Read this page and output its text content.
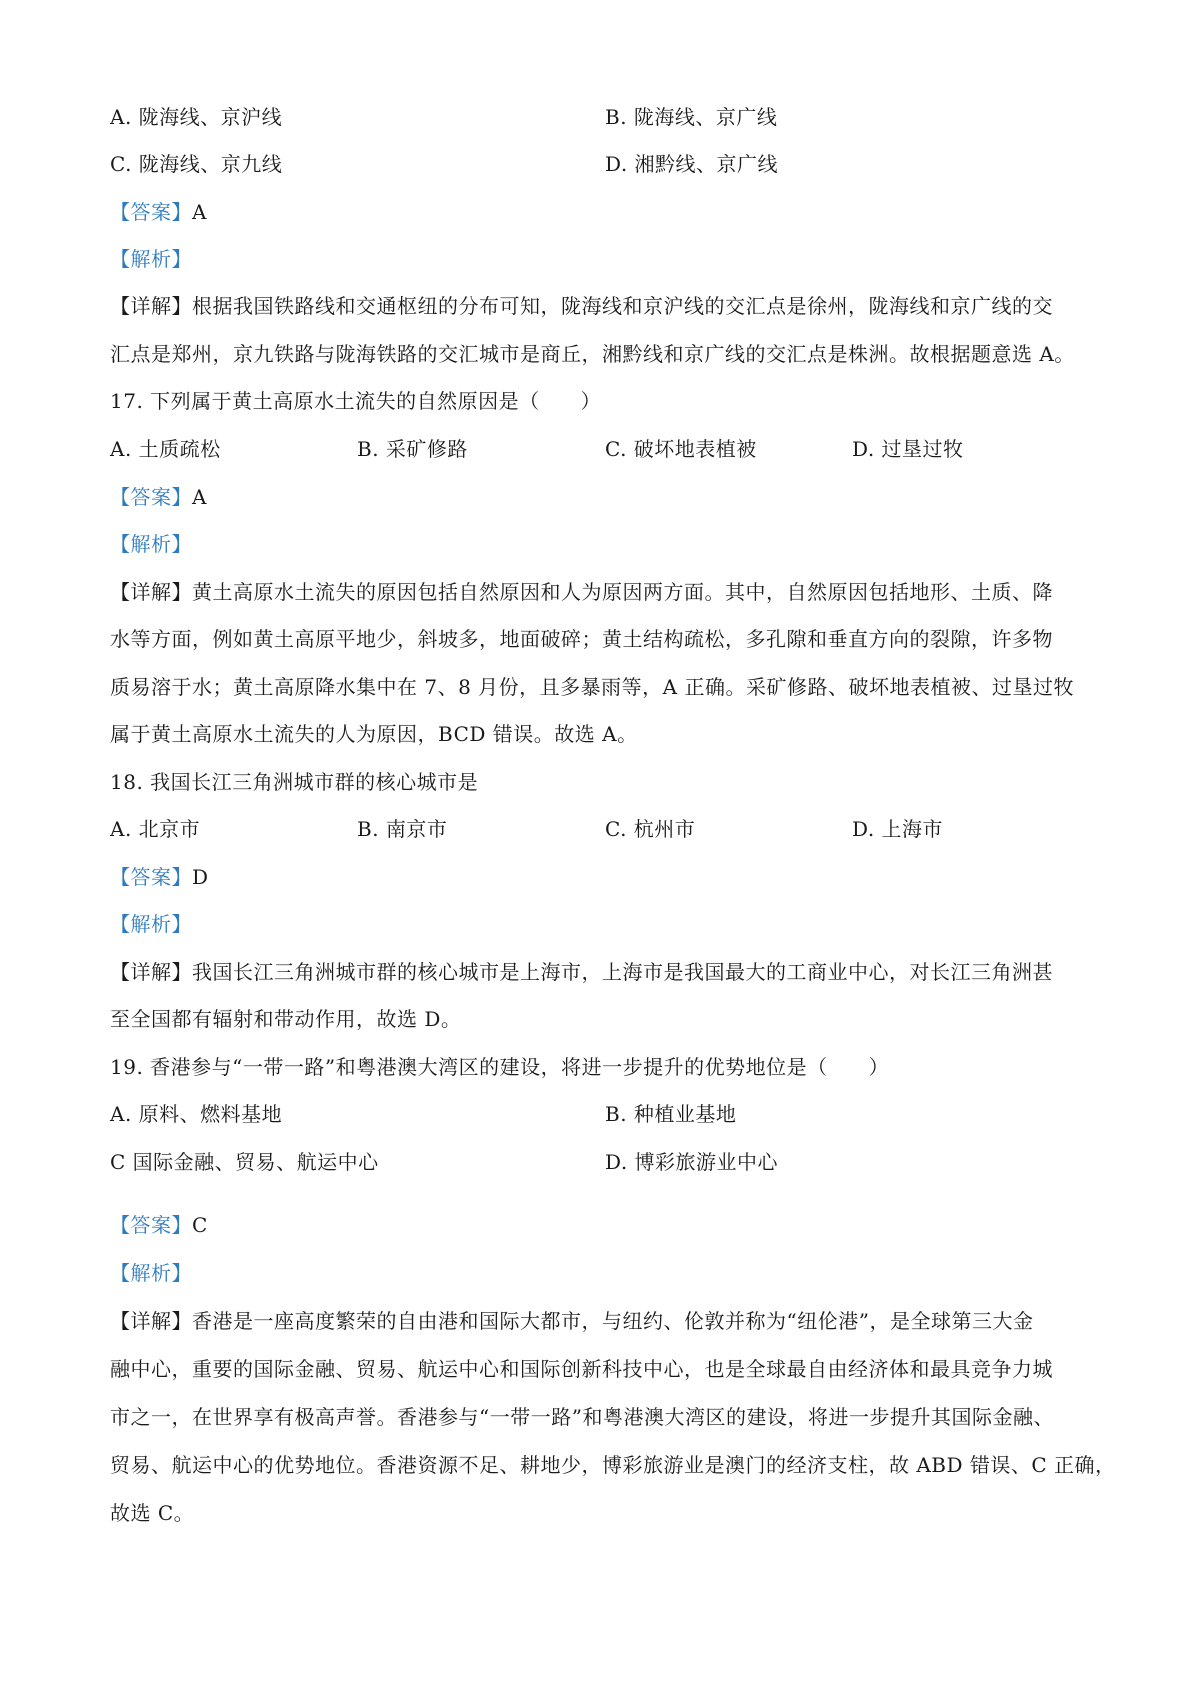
A. 陇海线、京沪线	B. 陇海线、京广线
C. 陇海线、京九线	D. 湘黔线、京广线
【答案】A
【解析】
【详解】根据我国铁路线和交通枢纽的分布可知，陇海线和京沪线的交汇点是徐州，陇海线和京广线的交
汇点是郑州，京九铁路与陇海铁路的交汇城市是商丘，湘黔线和京广线的交汇点是株洲。故根据题意选 A。
17. 下列属于黄土高原水土流失的自然原因是（　　）
A. 土质疏松	B. 采矿修路	C. 破坏地表植被	D. 过垦过牧
【答案】A
【解析】
【详解】黄土高原水土流失的原因包括自然原因和人为原因两方面。其中，自然原因包括地形、土质、降
水等方面，例如黄土高原平地少，斜坡多，地面破碎；黄土结构疏松，多孔隙和垂直方向的裂隙，许多物
质易溶于水；黄土高原降水集中在 7、8 月份，且多暴雨等，A 正确。采矿修路、破坏地表植被、过垦过牧
属于黄土高原水土流失的人为原因，BCD 错误。故选 A。
18. 我国长江三角洲城市群的核心城市是
A. 北京市	B. 南京市	C. 杭州市	D. 上海市
【答案】D
【解析】
【详解】我国长江三角洲城市群的核心城市是上海市，上海市是我国最大的工商业中心，对长江三角洲甚
至全国都有辐射和带动作用，故选 D。
19. 香港参与“一带一路”和粤港澳大湾区的建设，将进一步提升的优势地位是（　　）
A. 原料、燃料基地	B. 种植业基地
C 国际金融、贸易、航运中心	D. 博彩旅游业中心
【答案】C
【解析】
【详解】香港是一座高度繁荣的自由港和国际大都市，与纽约、伦敦并称为“纽伦港”，是全球第三大金
融中心，重要的国际金融、贸易、航运中心和国际创新科技中心，也是全球最自由经济体和最具竞争力城
市之一，在世界享有极高声誉。香港参与“一带一路”和粤港澳大湾区的建设，将进一步提升其国际金融、
贸易、航运中心的优势地位。香港资源不足、耕地少，博彩旅游业是澳门的经济支柱，故 ABD 错误、C 正确，
故选 C。
